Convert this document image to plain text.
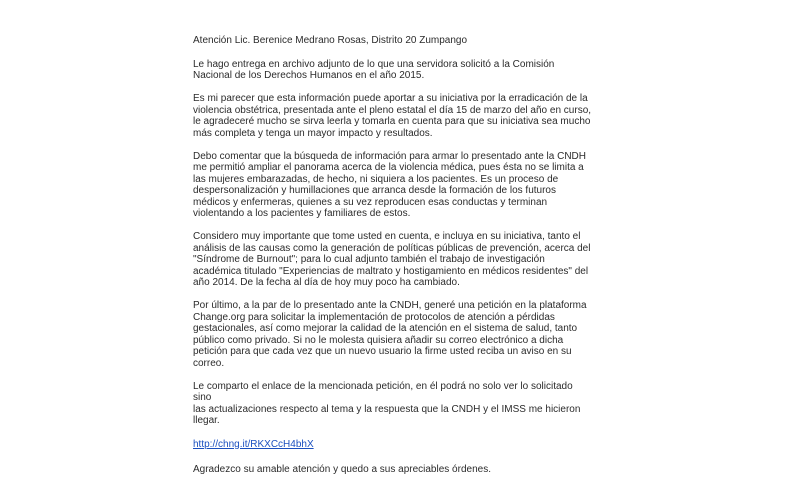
Atención Lic. Berenice Medrano Rosas, Distrito 20 Zumpango

Le hago entrega en archivo adjunto de lo que una servidora solicitó a la Comisión
Nacional de los Derechos Humanos en el año 2015.

Es mi parecer que esta información puede aportar a su iniciativa por la erradicación de la
violencia obstétrica, presentada ante el pleno estatal el día 15 de marzo del año en curso,
le agradeceré mucho se sirva leerla y tomarla en cuenta para que su iniciativa sea mucho
más completa y tenga un mayor impacto y resultados.

Debo comentar que la búsqueda de información para armar lo presentado ante la CNDH
me permitió ampliar el panorama acerca de la violencia médica, pues ésta no se limita a
las mujeres embarazadas, de hecho, ni siquiera a los pacientes. Es un proceso de
despersonalización y humillaciones que arranca desde la formación de los futuros
médicos y enfermeras, quienes a su vez reproducen esas conductas y terminan
violentando a los pacientes y familiares de estos.

Considero muy importante que tome usted en cuenta, e incluya en su iniciativa, tanto el
análisis de las causas como la generación de políticas públicas de prevención, acerca del
"Síndrome de Burnout"; para lo cual adjunto también el trabajo de investigación
académica titulado "Experiencias de maltrato y hostigamiento en médicos residentes" del
año 2014. De la fecha al día de hoy muy poco ha cambiado.

Por último, a la par de lo presentado ante la CNDH, generé una petición en la plataforma
Change.org para solicitar la implementación de protocolos de atención a pérdidas
gestacionales, así como mejorar la calidad de la atención en el sistema de salud, tanto
público como privado. Si no le molesta quisiera añadir su correo electrónico a dicha
petición para que cada vez que un nuevo usuario la firme usted reciba un aviso en su
correo.

Le comparto el enlace de la mencionada petición, en él podrá no solo ver lo solicitado sino
las actualizaciones respecto al tema y la respuesta que la CNDH y el IMSS me hicieron
llegar.

http://chng.it/RKXCcH4bhX

Agradezco su amable atención y quedo a sus apreciables órdenes.
